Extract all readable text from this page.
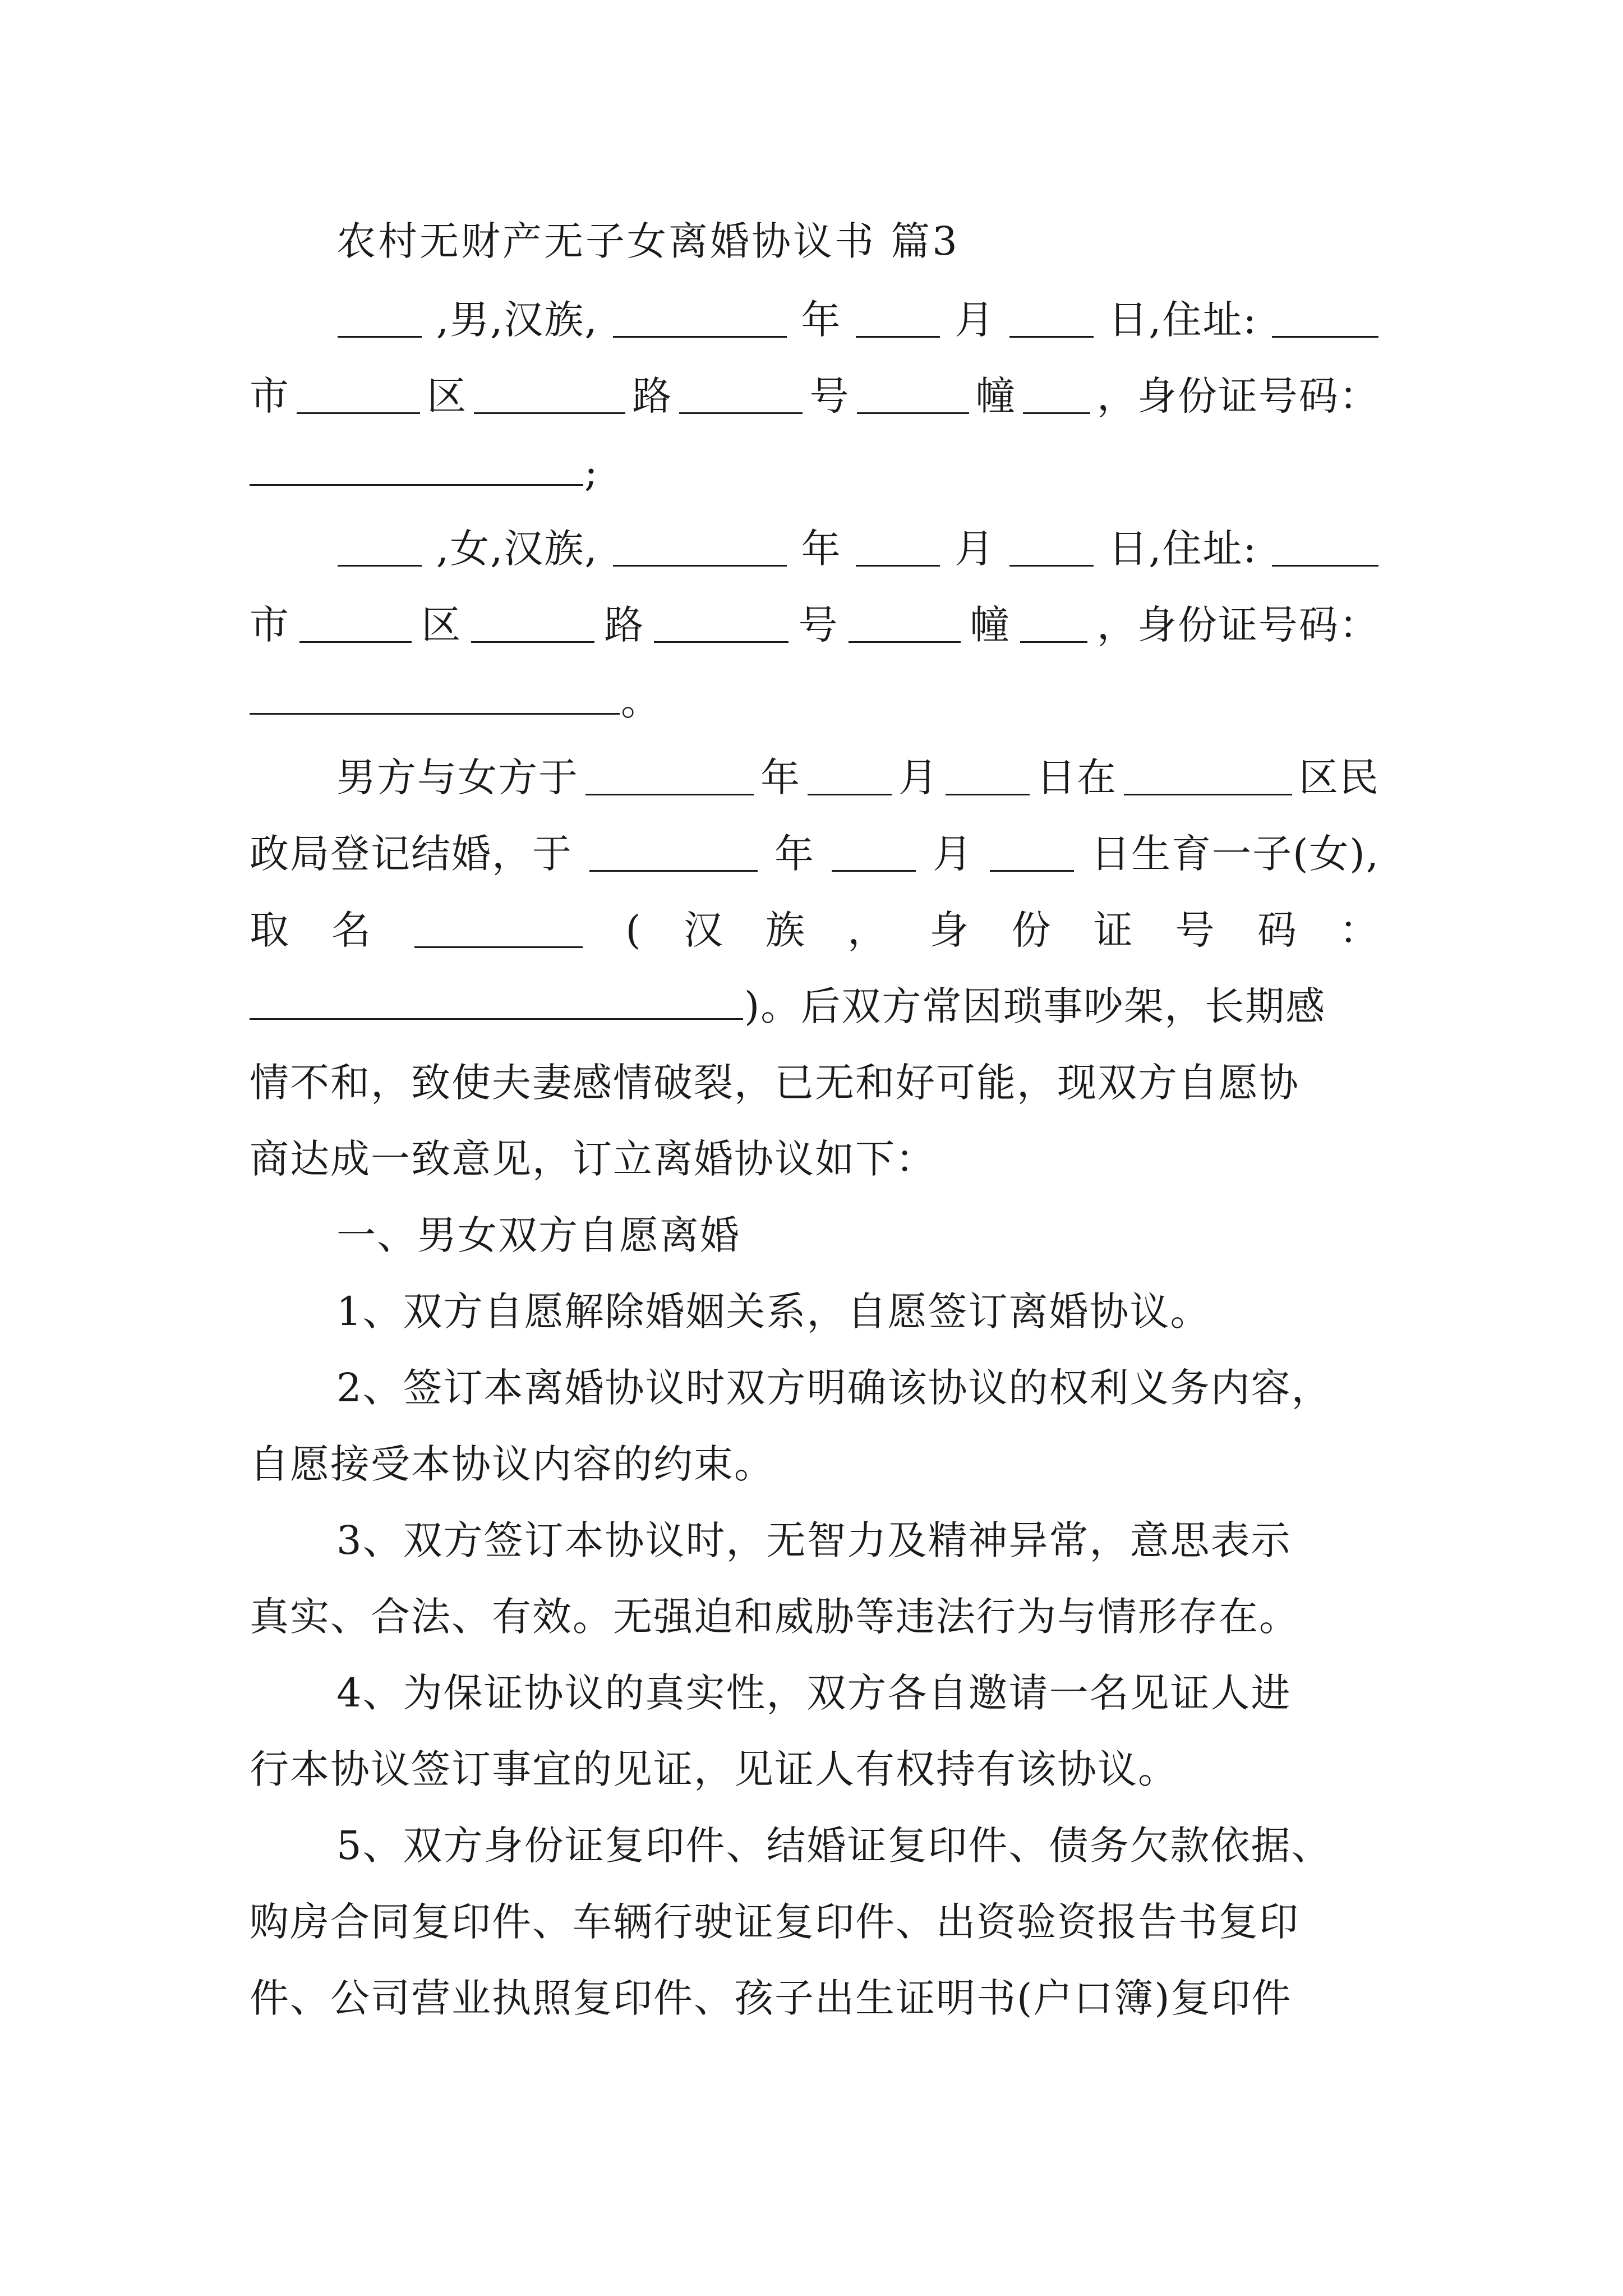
农村无财产无子女离婚协议书 篇3
,男,汉族,	年	月	日,住址:
市	区	路	号	幢 ，身份证号码：
;
,女,汉族,	年	月	日,住址:
市	区	路	号	幢 ，身份证号码：
。
男方与女方于	年 月 日在	区民
政局登记结婚，于	年	月	日生育一子(女),
取 名	( 汉 族 ， 身 份 证 号 码 ：
)。后双方常因琐事吵架，长期感
情不和，致使夫妻感情破裂，已无和好可能，现双方自愿协
商达成一致意见，订立离婚协议如下：
一、男女双方自愿离婚
1、双方自愿解除婚姻关系，自愿签订离婚协议。
2、签订本离婚协议时双方明确该协议的权利义务内容，
自愿接受本协议内容的约束。
3、双方签订本协议时，无智力及精神异常，意思表示
真实、合法、有效。无强迫和威胁等违法行为与情形存在。
4、为保证协议的真实性，双方各自邀请一名见证人进
行本协议签订事宜的见证，见证人有权持有该协议。
5、双方身份证复印件、结婚证复印件、债务欠款依据、
购房合同复印件、车辆行驶证复印件、出资验资报告书复印
件、公司营业执照复印件、孩子出生证明书(户口簿)复印件
